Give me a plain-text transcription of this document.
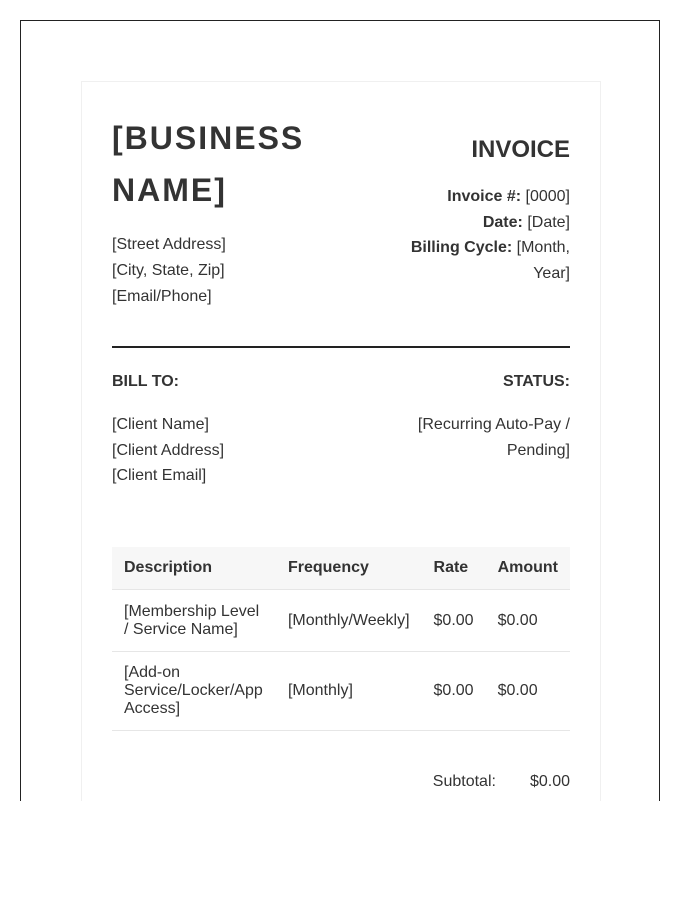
[BUSINESS NAME]
[Street Address]
[City, State, Zip]
[Email/Phone]
INVOICE
Invoice #: [0000]
Date: [Date]
Billing Cycle: [Month, Year]
BILL TO:
[Client Name]
[Client Address]
[Client Email]
STATUS:
[Recurring Auto-Pay / Pending]
Description	Frequency	Rate	Amount
[Membership Level / Service Name]	[Monthly/Weekly]	$0.00	$0.00
[Add-on Service/Locker/App Access]	[Monthly]	$0.00	$0.00
Subtotal: $0.00
